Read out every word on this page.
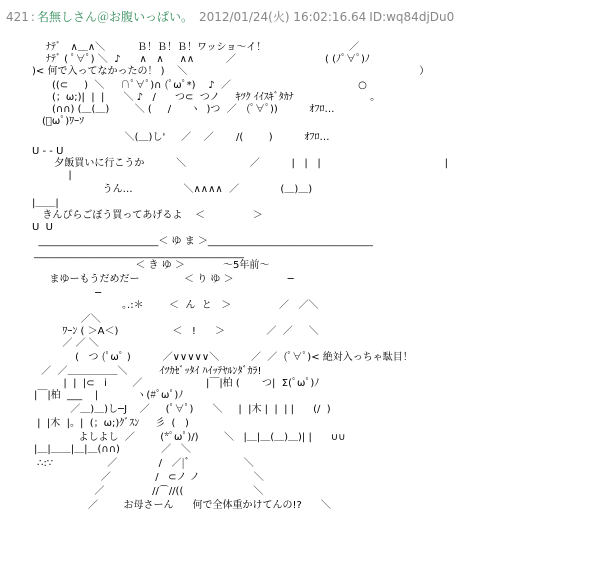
421 : 名無しさん＠お腹いっぱい。 2012/01/24(火) 16:02:16.64 ID:wq84djDu0
ﾅﾃﾞ   ∧＿∧＼          Ｂ！Ｂ！Ｂ！ワッショ～イ！                          ／
ﾅﾃﾞ ( ﾟ∀ﾟ) ＼  ♪      ∧   ∧     ∧∧          ／                            ( (ﾉﾟ∀ﾟ)ﾉ
)< 何で入ってなかったの！ )    ＼                                                                         ）
((⊂     )  ＼     ∩ﾟ∀ﾟ)∩ (ﾟωﾟ*)    ♪  ／                                        ○
(；ω;)|  |  |      ＼ ♪   /      つ⊂  つノ     ｷﾂｸ ｲｲｽｷﾞﾀｶﾅ                        ｡
(∩∩) (＿(＿)        ＼ (     /      ヽ  )つ  ／   (ﾟ∀ﾟ))          ｵﾌﾛ…
(ﾟωﾟ)ﾜｰｿ
＼(＿)し'     ／    ／       /(        )          ｵﾌﾛ…
U - - U
夕飯買いに行こうか          ＼                    ／          |   |   |                                       |
|
うん…                ＼∧∧∧∧  ／             (＿)＿)
|＿＿|
きんぴらごぼう買ってあげるよ    ＜               ＞
U  U
________________________＜ ゆ ま ＞_________________________________
__________________________________________
＜ き ゆ ＞            ～5年前～
まゆーもうだめだー              ＜ り ゆ ＞                 ─
─
｡.:＊        ＜  ん  と   ＞               ／   ／＼
／＼
ﾜｰﾝ ( ＞A＜)                 ＜   !      ＞             ／  ／     ＼
／ ／ ＼
(   つ (ﾟωﾟ )          ／∨∨∨∨∨＼          ／  ／  (ﾟ∀ﾟ)< 絶対入っちゃ駄目！
／  ／＿＿＿＿＿＼          ｲﾂｶｾﾞｯﾀｲ ﾊｲｯﾃﾔﾙﾝﾀﾞｶﾗ!
|  |  |⊂   i        ／                    |￣|柏 (       つ|  Σ(ﾟωﾟ)ﾉ
|￣|柏  ___    |            ヽ(#ﾟωﾟ)ﾉ
／＿)＿)し─J    ／     (ﾟ∀ﾟ)      ＼     |  |木 |  |  | |      (/  )
|  |木  |。|  (；ω;)ｸﾞｽﾝ     彡  (   )
よしよし  ／        (*ﾟωﾟ)/)        ＼   |＿|＿(＿)＿)| |      ∪∪
|＿|＿＿|＿|＿(∩∩)             ／   ＼
∴:∵                 ／             /   ／|ﾞ                 ＼
／              /   ⊂ノ ノ                 ＼
／               //⌒//((                      ＼
／        お母さーん      何で全体重かけてんの!?      ＼
